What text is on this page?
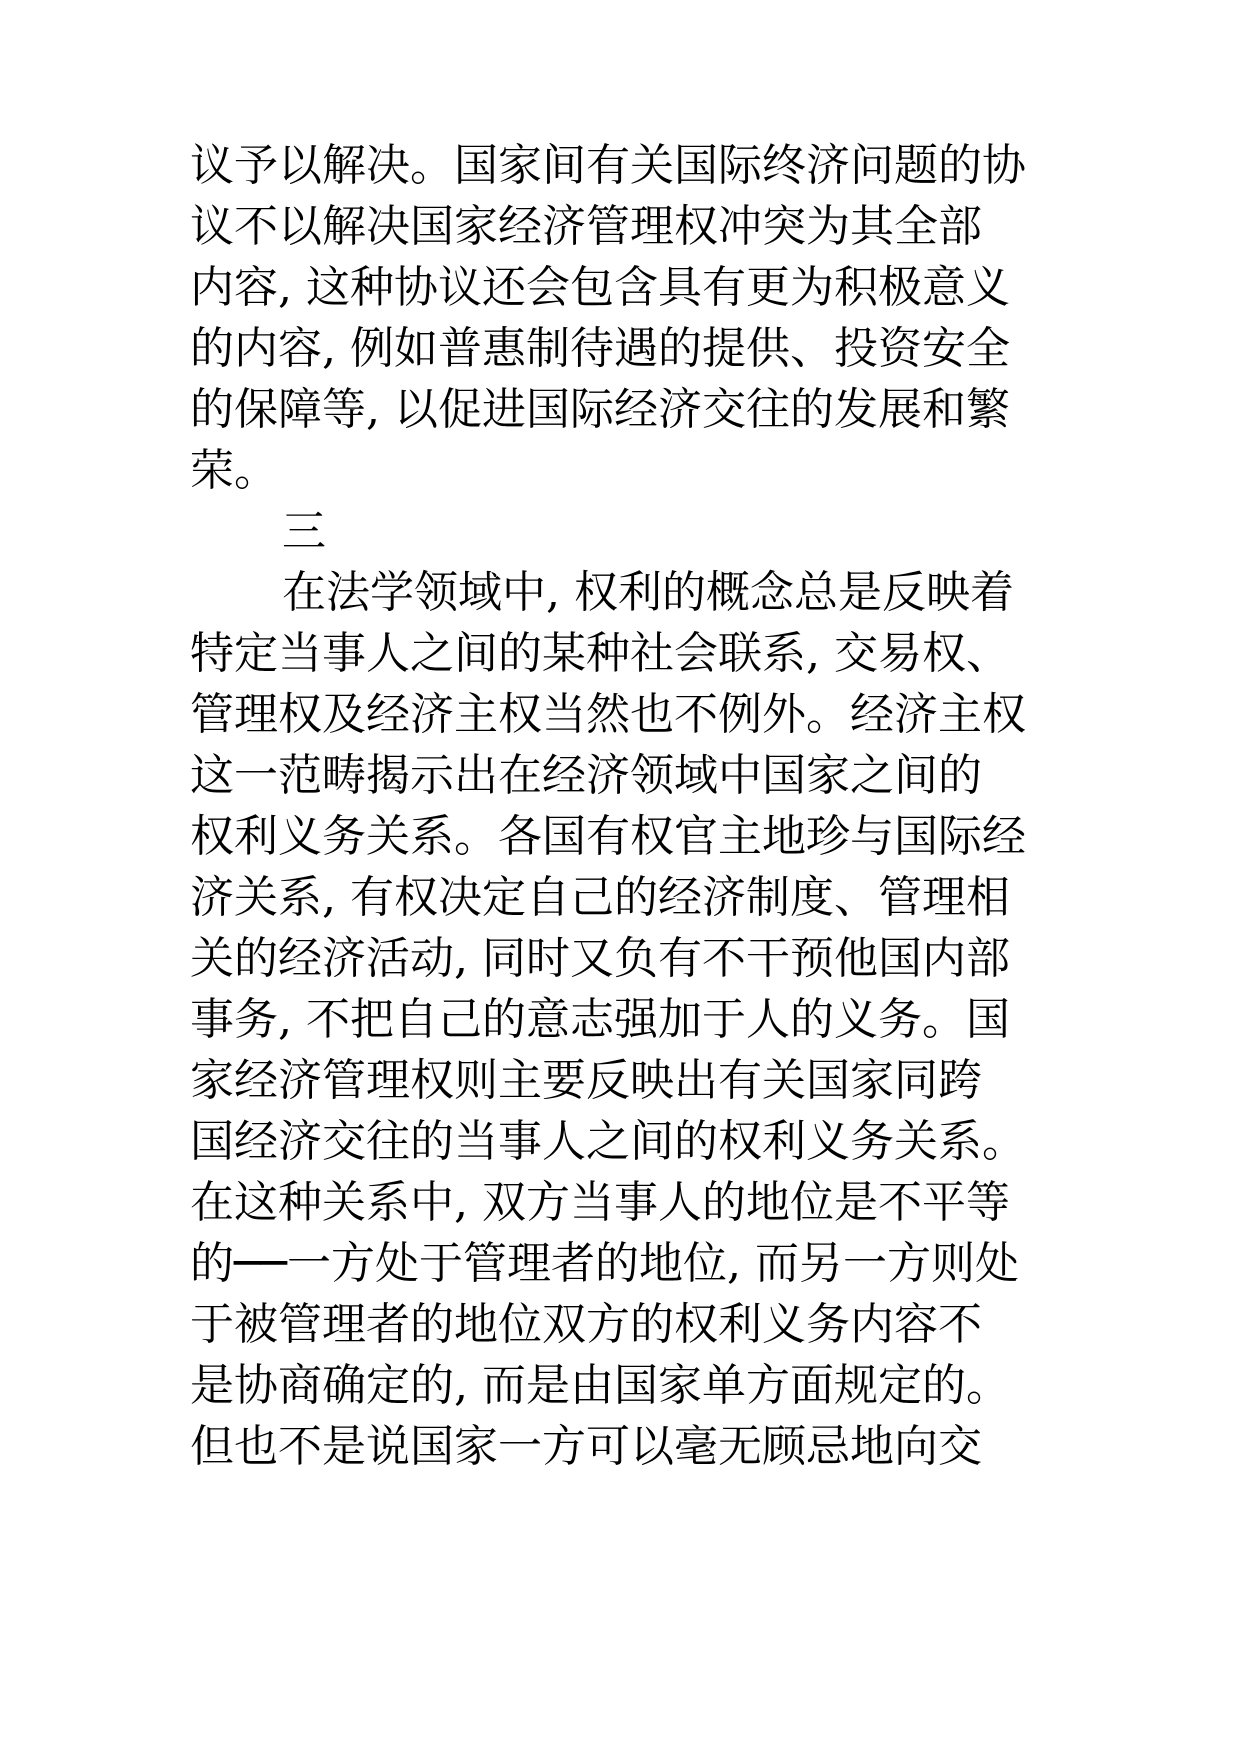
议予以解决。国家间有关国际终济问题的协
议不以解决国家经济管理权冲突为其全部
内容, 这种协议还会包含具有更为积极意义
的内容, 例如普惠制待遇的提供、投资安全
的保障等, 以促进国际经济交往的发展和繁
荣。
三
在法学领域中, 权利的概念总是反映着
特定当事人之间的某种社会联系, 交易权、
管理权及经济主权当然也不例外。经济主权
这一范畴揭示出在经济领域中国家之间的
权利义务关系。各国有权官主地珍与国际经
济关系, 有权决定自己的经济制度、管理相
关的经济活动, 同时又负有不干预他国内部
事务, 不把自己的意志强加于人的义务。国
家经济管理权则主要反映出有关国家同跨
国经济交往的当事人之间的权利义务关系。
在这种关系中, 双方当事人的地位是不平等
的──一方处于管理者的地位, 而另一方则处
于被管理者的地位双方的权利义务内容不
是协商确定的, 而是由国家单方面规定的。
但也不是说国家一方可以毫无顾忌地向交
